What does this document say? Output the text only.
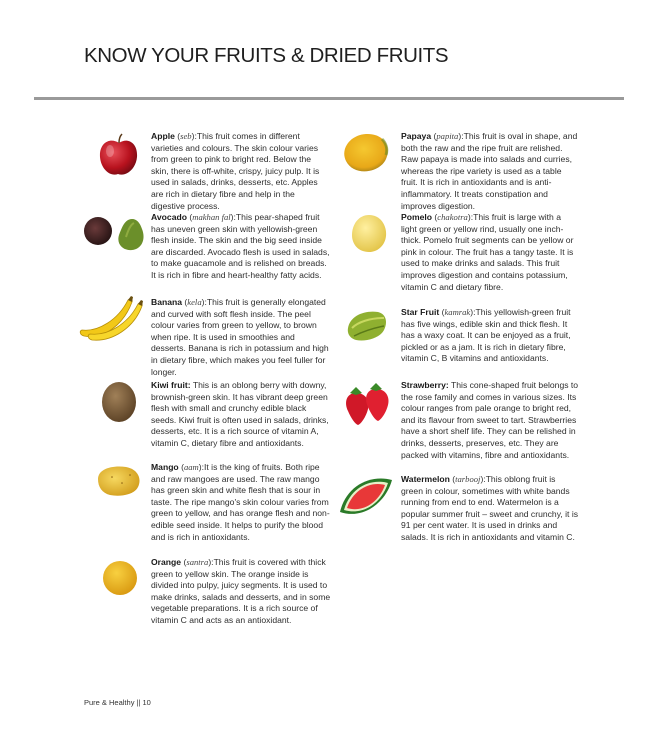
KNOW YOUR FRUITS & DRIED FRUITS
Apple (seb):This fruit comes in different varieties and colours. The skin colour varies from green to pink to bright red. Below the skin, there is off-white, crispy, juicy pulp. It is used in salads, drinks, desserts, etc. Apples are rich in dietary fibre and help in the digestive process.
Avocado (makhan fal):This pear-shaped fruit has uneven green skin with yellowish-green flesh inside. The skin and the big seed inside are discarded. Avocado flesh is used in salads, to make guacamole and is relished on breads. It is rich in fibre and heart-healthy fatty acids.
Banana (kela):This fruit is generally elongated and curved with soft flesh inside. The peel colour varies from green to yellow, to brown when ripe. It is used in smoothies and desserts. Banana is rich in potassium and high in dietary fibre, which makes you feel fuller for longer.
Kiwi fruit: This is an oblong berry with downy, brownish-green skin. It has vibrant deep green flesh with small and crunchy edible black seeds. Kiwi fruit is often used in salads, drinks, desserts, etc. It is a rich source of vitamin A, vitamin C, dietary fibre and antioxidants.
Mango (aam):It is the king of fruits. Both ripe and raw mangoes are used. The raw mango has green skin and white flesh that is sour in taste. The ripe mango's skin colour varies from green to yellow, and has orange flesh and non-edible seed inside. It helps to purify the blood and is rich in antioxidants.
Orange (santra):This fruit is covered with thick green to yellow skin. The orange inside is divided into pulpy, juicy segments. It is used to make drinks, salads and desserts, and in some vegetable preparations. It is a rich source of vitamin C and acts as an antioxidant.
Papaya (papita):This fruit is oval in shape, and both the raw and the ripe fruit are relished. Raw papaya is made into salads and curries, whereas the ripe variety is used as a table fruit. It is rich in antioxidants and is anti-inflammatory. It treats constipation and improves digestion.
Pomelo (chakotra):This fruit is large with a light green or yellow rind, usually one inch-thick. Pomelo fruit segments can be yellow or pink in colour. The fruit has a tangy taste. It is used to make drinks and salads. This fruit improves digestion and contains potassium, vitamin C and dietary fibre.
Star Fruit (kamrak):This yellowish-green fruit has five wings, edible skin and thick flesh. It has a waxy coat. It can be enjoyed as a fruit, pickled or as a jam. It is rich in dietary fibre, vitamin C, B vitamins and antioxidants.
Strawberry: This cone-shaped fruit belongs to the rose family and comes in various sizes. Its colour ranges from pale orange to bright red, and its flavour from sweet to tart. Strawberries have a short shelf life. They can be relished in drinks, desserts, preserves, etc. They are packed with vitamins, fibre and antioxidants.
Watermelon (tarbooj):This oblong fruit is green in colour, sometimes with white bands running from end to end. Watermelon is a popular summer fruit – sweet and crunchy, it is 91 per cent water. It is used in drinks and salads. It is rich in antioxidants and vitamin C.
Pure & Healthy || 10
